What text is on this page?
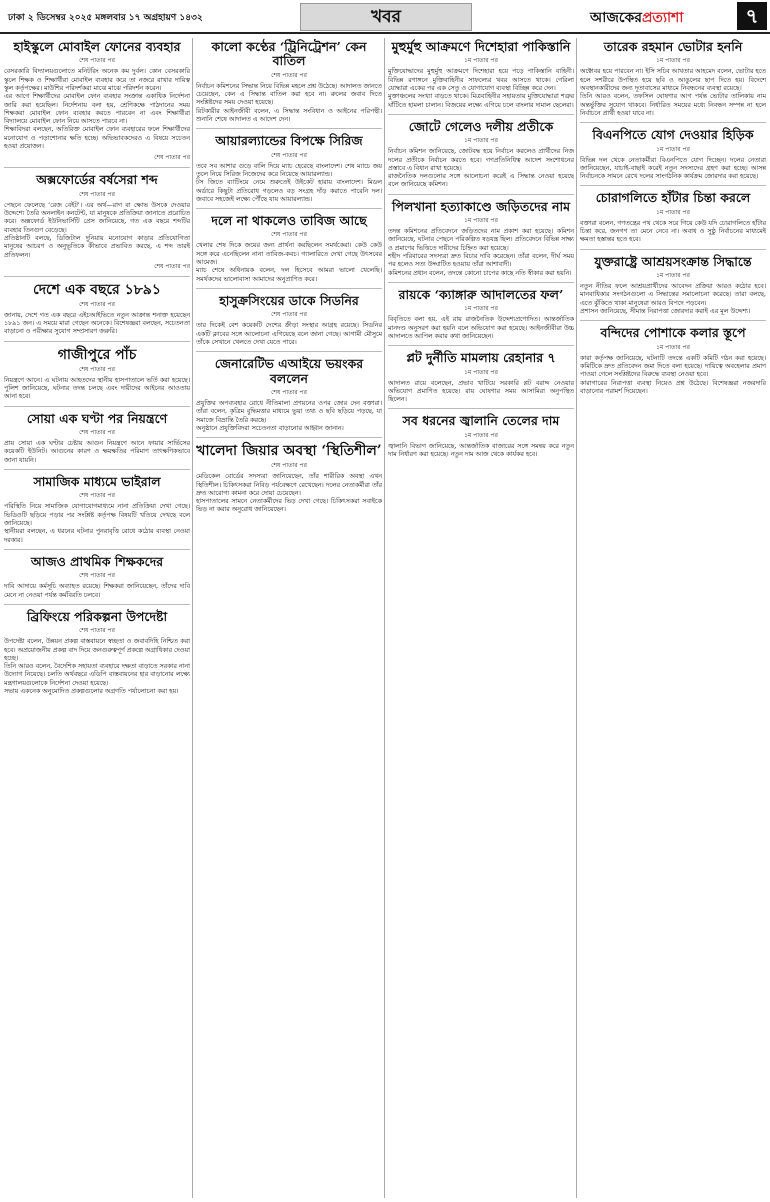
ঢাকা ২ ডিসেম্বর ২০২৫ মঙ্গলবার ১৭ অগ্রহায়ণ ১৪৩২	খবর	আজকেরপ্রত্যাশা	৭
হাইস্কুলে মোবাইল ফোনের ব্যবহার
শেষ পাতার পর

বেসরকারি বিদ্যালয়গুলোতে মনিটরিং অনেক কম দুর্বল। কোন বেসরকারি স্কুলে শিক্ষক ও শিক্ষার্থীরা মোবাইল ব্যবহার করে তা নজরে রাখার দায়িত্ব স্কুল কর্তৃপক্ষের। মাউশির পরিদর্শকরা মাঝে মাঝে পরিদর্শন করেন।

এর আগে শিক্ষার্থীদের মোবাইল ফোন ব্যবহার সংক্রান্ত একাধিক নির্দেশনা জারি করা হয়েছিল। নির্দেশনায় বলা হয়, শ্রেণিকক্ষে পাঠদানের সময় শিক্ষকরা মোবাইল ফোন ব্যবহার করতে পারবেন না এবং শিক্ষার্থীরা বিদ্যালয়ে মোবাইল ফোন নিয়ে আসতে পারবে না।

শিক্ষাবিদরা বলছেন, অতিরিক্ত মোবাইল ফোন ব্যবহারের ফলে শিক্ষার্থীদের মনোযোগ ও পড়াশোনার ক্ষতি হচ্ছে। অভিভাবকদেরও এ বিষয়ে সচেতন হওয়া প্রয়োজন।

শেষ পাতার পর
অক্সফোর্ডের বর্ষসেরা শব্দ
শেষ পাতার পর

পেছনে ফেলেছে ‘রেজ বেইট’। এর অর্থ—রাগ বা ক্ষোভ উসকে দেওয়ার উদ্দেশ্যে তৈরি অনলাইন কনটেন্ট, যা মানুষকে প্রতিক্রিয়া জানাতে প্ররোচিত করে। অক্সফোর্ড ইউনিভার্সিটি প্রেস জানিয়েছে, গত এক বছরে শব্দটির ব্যবহার তিনগুণ বেড়েছে।

প্রতিষ্ঠানটি বলছে, ডিজিটাল দুনিয়ায় মনোযোগ কাড়ার প্রতিযোগিতা মানুষের আচরণ ও অনুভূতিকে কীভাবে প্রভাবিত করছে, এ শব্দ তারই প্রতিফলন।

শেষ পাতার পর
দেশে এক বছরে ১৮৯১
শেষ পাতার পর

জানায়, দেশে গত এক বছরে এইচআইভিতে নতুন আক্রান্ত শনাক্ত হয়েছেন ১৮৯১ জন। এ সময়ে মারা গেছেন অনেকে। বিশেষজ্ঞরা বলছেন, সচেতনতা বাড়ানো ও পরীক্ষার সুযোগ সম্প্রসারণ জরুরি।

গাজীপুরে পাঁচ
শেষ পাতার পর

নিয়ন্ত্রণে আনে। এ ঘটনায় আহতদের স্থানীয় হাসপাতালে ভর্তি করা হয়েছে। পুলিশ জানিয়েছে, ঘটনার তদন্ত চলছে এবং দায়ীদের আইনের আওতায় আনা হবে।

সোয়া এক ঘণ্টা পর নিয়ন্ত্রণে
শেষ পাতার পর

প্রায় সোয়া এক ঘণ্টার চেষ্টায় আগুন নিয়ন্ত্রণে আনে ফায়ার সার্ভিসের কয়েকটি ইউনিট। আগুনের কারণ ও ক্ষয়ক্ষতির পরিমাণ তাৎক্ষণিকভাবে জানা যায়নি।

সামাজিক মাধ্যমে ভাইরাল
শেষ পাতার পর

পরিস্থিতি নিয়ে সামাজিক যোগাযোগমাধ্যমে নানা প্রতিক্রিয়া দেখা গেছে। ভিডিওটি ছড়িয়ে পড়ার পর সংশ্লিষ্ট কর্তৃপক্ষ বিষয়টি খতিয়ে দেখছে বলে জানিয়েছে।

স্থানীয়রা বলছেন, এ ধরনের ঘটনার পুনরাবৃত্তি রোধে কঠোর ব্যবস্থা নেওয়া দরকার।

আজও প্রাথমিক শিক্ষকদের
শেষ পাতার পর

দাবি আদায়ে কর্মসূচি অব্যাহত রয়েছে। শিক্ষকরা জানিয়েছেন, তাঁদের দাবি মেনে না নেওয়া পর্যন্ত কর্মবিরতি চলবে।

ব্রিফিংয়ে পরিকল্পনা উপদেষ্টা
শেষ পাতার পর

উপদেষ্টা বলেন, উন্নয়ন প্রকল্প বাস্তবায়নে স্বচ্ছতা ও জবাবদিহি নিশ্চিত করা হবে। অপ্রয়োজনীয় প্রকল্প বাদ দিয়ে জনগুরুত্বপূর্ণ প্রকল্পে অগ্রাধিকার দেওয়া হচ্ছে।

তিনি আরও বলেন, বৈদেশিক সহায়তা ব্যবহারে দক্ষতা বাড়াতে সরকার নানা উদ্যোগ নিয়েছে। চলতি অর্থবছরে এডিপি বাস্তবায়নের হার বাড়ানোর লক্ষ্যে মন্ত্রণালয়গুলোকে নির্দেশনা দেওয়া হয়েছে।

সভায় একনেক অনুমোদিত প্রকল্পগুলোর অগ্রগতি পর্যালোচনা করা হয়।

কালো কণ্ঠের ‘ট্রিনিট্রেশন’ কেন বাতিল
শেষ পাতার পর

নির্বাচন কমিশনের সিদ্ধান্ত নিয়ে বিভিন্ন মহলে প্রশ্ন উঠেছে। আদালত জানতে চেয়েছেন, কেন এ সিদ্ধান্ত বাতিল করা হবে না। রুলের জবাব দিতে সংশ্লিষ্টদের সময় দেওয়া হয়েছে।

রিটকারীর আইনজীবী বলেন, এ সিদ্ধান্ত সংবিধান ও আইনের পরিপন্থী। শুনানি শেষে আদালত এ আদেশ দেন।

আয়ারল্যান্ডের বিপক্ষে সিরিজ
শেষ পাতার পর

তবে সব আশার গুড়ে বালি দিয়ে ম্যাচ হেরেছে বাংলাদেশ। শেষ ম্যাচে জয় তুলে নিয়ে সিরিজ নিজেদের করে নিয়েছে আয়ারল্যান্ড।

টস জিতে ব্যাটিংয়ে নেমে শুরুতেই উইকেট হারায় বাংলাদেশ। মিডল অর্ডারে কিছুটা প্রতিরোধ গড়লেও বড় সংগ্রহ দাঁড় করাতে পারেনি দল। জবাবে সহজেই লক্ষ্যে পৌঁছে যায় আয়ারল্যান্ড।

দলে না থাকলেও তাবিজ আছে
শেষ পাতার পর

খেলার শেষ দিকে জয়ের জন্য প্রার্থনা করছিলেন সমর্থকেরা। কেউ কেউ সঙ্গে করে এনেছিলেন নানা তাবিজ-কবচ। গ্যালারিতে দেখা গেছে উৎসবের আমেজ।

ম্যাচ শেষে অধিনায়ক বলেন, দল হিসেবে আমরা ভালো খেলেছি। সমর্থকদের ভালোবাসা আমাদের অনুপ্রাণিত করে।

হাসুক্রসিংয়ের ডাকে সিডনির
শেষ পাতার পর

তার দিকেই বেশ কয়েকটি দেশের ক্রীড়া সংস্থার আগ্রহ রয়েছে। সিডনির একটি ক্লাবের সঙ্গে আলোচনা এগিয়েছে বলে জানা গেছে। আগামী মৌসুমে তাঁকে সেখানে খেলতে দেখা যেতে পারে।

জেনারেটিভ এআইয়ে ভয়ংকর বললেন
শেষ পাতার পর

প্রযুক্তির অপব্যবহার রোধে নীতিমালা প্রণয়নের ওপর জোর দেন বক্তারা। তাঁরা বলেন, কৃত্রিম বুদ্ধিমত্তার মাধ্যমে ভুয়া তথ্য ও ছবি ছড়িয়ে পড়ছে, যা সমাজে বিভ্রান্তি তৈরি করছে।

অনুষ্ঠানে প্রযুক্তিবিদরা সচেতনতা বাড়ানোর আহ্বান জানান।

খালেদা জিয়ার অবস্থা ‘স্থিতিশীল’
শেষ পাতার পর

মেডিকেল বোর্ডের সদস্যরা জানিয়েছেন, তাঁর শারীরিক অবস্থা এখন স্থিতিশীল। চিকিৎসকরা নিবিড় পর্যবেক্ষণে রেখেছেন। দলের নেতাকর্মীরা তাঁর দ্রুত আরোগ্য কামনা করে দোয়া চেয়েছেন।

হাসপাতালের সামনে নেতাকর্মীদের ভিড় দেখা গেছে। চিকিৎসকরা সবাইকে ভিড় না করার অনুরোধ জানিয়েছেন।

মুহুর্মুহু আক্রমণে দিশেহারা পাকিস্তানি
১ম পাতার পর

মুক্তিযোদ্ধাদের মুহুর্মুহু আক্রমণে দিশেহারা হয়ে পড়ে পাকিস্তানি বাহিনী। বিভিন্ন রণাঙ্গনে মুক্তিবাহিনীর সাফল্যের খবর আসতে থাকে। গেরিলা যোদ্ধারা একের পর এক সেতু ও যোগাযোগ ব্যবস্থা বিচ্ছিন্ন করে দেন।

মুক্তাঞ্চলের সংখ্যা বাড়তে থাকে। মিত্রবাহিনীর সহায়তায় মুক্তিযোদ্ধারা শত্রুর ঘাঁটিতে হামলা চালান। বিজয়ের লক্ষ্যে এগিয়ে চলে বাংলার দামাল ছেলেরা।

জোটে গেলেও দলীয় প্রতীকে
১ম পাতার পর

নির্বাচন কমিশন জানিয়েছে, জোটবদ্ধ হয়ে নির্বাচন করলেও প্রার্থীদের নিজ দলের প্রতীকে নির্বাচন করতে হবে। গণপ্রতিনিধিত্ব আদেশ সংশোধনের প্রস্তাবে এ বিধান রাখা হয়েছে।

রাজনৈতিক দলগুলোর সঙ্গে আলোচনা করেই এ সিদ্ধান্ত নেওয়া হয়েছে বলে জানিয়েছে কমিশন।

পিলখানা হত্যাকাণ্ডে জড়িতদের নাম
১ম পাতার পর

তদন্ত কমিশনের প্রতিবেদনে জড়িতদের নাম প্রকাশ করা হয়েছে। কমিশন জানিয়েছে, ঘটনার পেছনে পরিকল্পিত ষড়যন্ত্র ছিল। প্রতিবেদনে বিভিন্ন সাক্ষ্য ও প্রমাণের ভিত্তিতে দায়ীদের চিহ্নিত করা হয়েছে।

শহীদ পরিবারের সদস্যরা দ্রুত বিচার দাবি করেছেন। তাঁরা বলেন, দীর্ঘ সময় পর হলেও সত্য উদ্ঘাটিত হওয়ায় তাঁরা আশাবাদী।

কমিশনের প্রধান বলেন, তদন্তে কোনো চাপের কাছে নতি স্বীকার করা হয়নি।

রায়কে ‘ক্যাঙ্গারু আদালতের ফল’
১ম পাতার পর

বিবৃতিতে বলা হয়, এই রায় রাজনৈতিক উদ্দেশ্যপ্রণোদিত। আন্তর্জাতিক মানদণ্ড অনুসরণ করা হয়নি বলে অভিযোগ করা হয়েছে। আইনজীবীরা উচ্চ আদালতে আপিল করার কথা জানিয়েছেন।

প্লট দুর্নীতি মামলায় রেহানার ৭
১ম পাতার পর

আদালত রায়ে বলেছেন, প্রভাব খাটিয়ে সরকারি প্লট বরাদ্দ নেওয়ার অভিযোগ প্রমাণিত হয়েছে। রায় ঘোষণার সময় আসামিরা অনুপস্থিত ছিলেন।

সব ধরনের জ্বালানি তেলের দাম
১ম পাতার পর

জ্বালানি বিভাগ জানিয়েছে, আন্তর্জাতিক বাজারের সঙ্গে সমন্বয় করে নতুন দাম নির্ধারণ করা হয়েছে। নতুন দাম আজ থেকে কার্যকর হবে।

তারেক রহমান ভোটার হননি
১ম পাতার পর

অক্টোবর হয়ে পারবেন না। ইসি সচিব আখতার আহমেদ বলেন, ভোটার হতে হলে সশরীরে উপস্থিত হয়ে ছবি ও আঙুলের ছাপ দিতে হয়। বিদেশে অবস্থানকারীদের জন্য দূতাবাসের মাধ্যমে নিবন্ধনের ব্যবস্থা রয়েছে।

তিনি আরও বলেন, তফসিল ঘোষণার আগ পর্যন্ত ভোটার তালিকায় নাম অন্তর্ভুক্তির সুযোগ থাকবে। নির্ধারিত সময়ের মধ্যে নিবন্ধন সম্পন্ন না হলে নির্বাচনে প্রার্থী হওয়া যাবে না।

বিএনপিতে যোগ দেওয়ার হিড়িক
১ম পাতার পর

বিভিন্ন দল থেকে নেতাকর্মীরা বিএনপিতে যোগ দিচ্ছেন। দলের নেতারা জানিয়েছেন, যাচাই-বাছাই করেই নতুন সদস্যদের গ্রহণ করা হচ্ছে। আসন্ন নির্বাচনকে সামনে রেখে দলের সাংগঠনিক কার্যক্রম জোরদার করা হয়েছে।

চোরাগলিতে হাঁটার চিন্তা করলে
১ম পাতার পর

বক্তারা বলেন, গণতন্ত্রের পথ থেকে সরে গিয়ে কেউ যদি চোরাগলিতে হাঁটার চিন্তা করে, জনগণ তা মেনে নেবে না। অবাধ ও সুষ্ঠু নির্বাচনের মাধ্যমেই ক্ষমতা হস্তান্তর হতে হবে।

যুক্তরাষ্ট্রে আশ্রয়সংক্রান্ত সিদ্ধান্তে
১ম পাতার পর

নতুন নীতির ফলে আশ্রয়প্রার্থীদের আবেদন প্রক্রিয়া আরও কঠোর হবে। মানবাধিকার সংগঠনগুলো এ সিদ্ধান্তের সমালোচনা করেছে। তারা বলছে, এতে ঝুঁকিতে থাকা মানুষেরা আরও বিপদে পড়বেন।

প্রশাসন জানিয়েছে, সীমান্ত নিরাপত্তা জোরদার করাই এর মূল উদ্দেশ্য।

বন্দিদের পোশাকে কলার স্তূপে
১ম পাতার পর

কারা কর্তৃপক্ষ জানিয়েছে, ঘটনাটি তদন্তে একটি কমিটি গঠন করা হয়েছে। কমিটিকে দ্রুত প্রতিবেদন জমা দিতে বলা হয়েছে। দায়িত্বে অবহেলার প্রমাণ পাওয়া গেলে সংশ্লিষ্টদের বিরুদ্ধে ব্যবস্থা নেওয়া হবে।

কারাগারের নিরাপত্তা ব্যবস্থা নিয়েও প্রশ্ন উঠেছে। বিশেষজ্ঞরা নজরদারি বাড়ানোর পরামর্শ দিয়েছেন।
